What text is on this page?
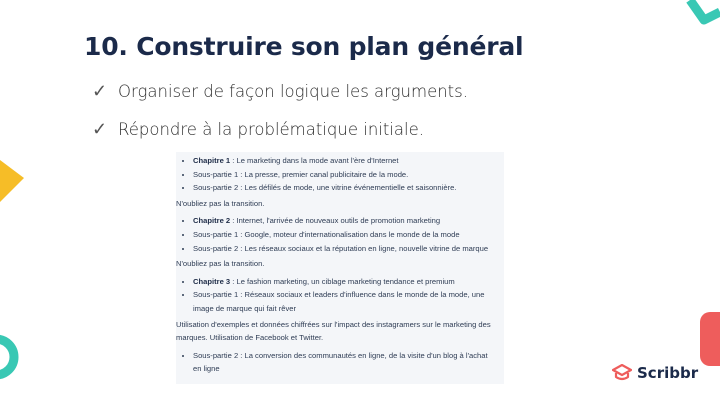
10. Construire son plan général
✓ Organiser de façon logique les arguments.
✓ Répondre à la problématique initiale.
• Chapitre 1 : Le marketing dans la mode avant l'ère d'Internet
• Sous-partie 1 : La presse, premier canal publicitaire de la mode.
• Sous-partie 2 : Les défilés de mode, une vitrine événementielle et saisonnière.

N'oubliez pas la transition.

• Chapitre 2 : Internet, l'arrivée de nouveaux outils de promotion marketing
• Sous-partie 1 : Google, moteur d'internationalisation dans le monde de la mode
• Sous-partie 2 : Les réseaux sociaux et la réputation en ligne, nouvelle vitrine de marque

N'oubliez pas la transition.

• Chapitre 3 : Le fashion marketing, un ciblage marketing tendance et premium
• Sous-partie 1 : Réseaux sociaux et leaders d'influence dans le monde de la mode, une image de marque qui fait rêver

Utilisation d'exemples et données chiffrées sur l'impact des instagramers sur le marketing des marques. Utilisation de Facebook et Twitter.

• Sous-partie 2 : La conversion des communautés en ligne, de la visite d'un blog à l'achat en ligne	Scribbr
